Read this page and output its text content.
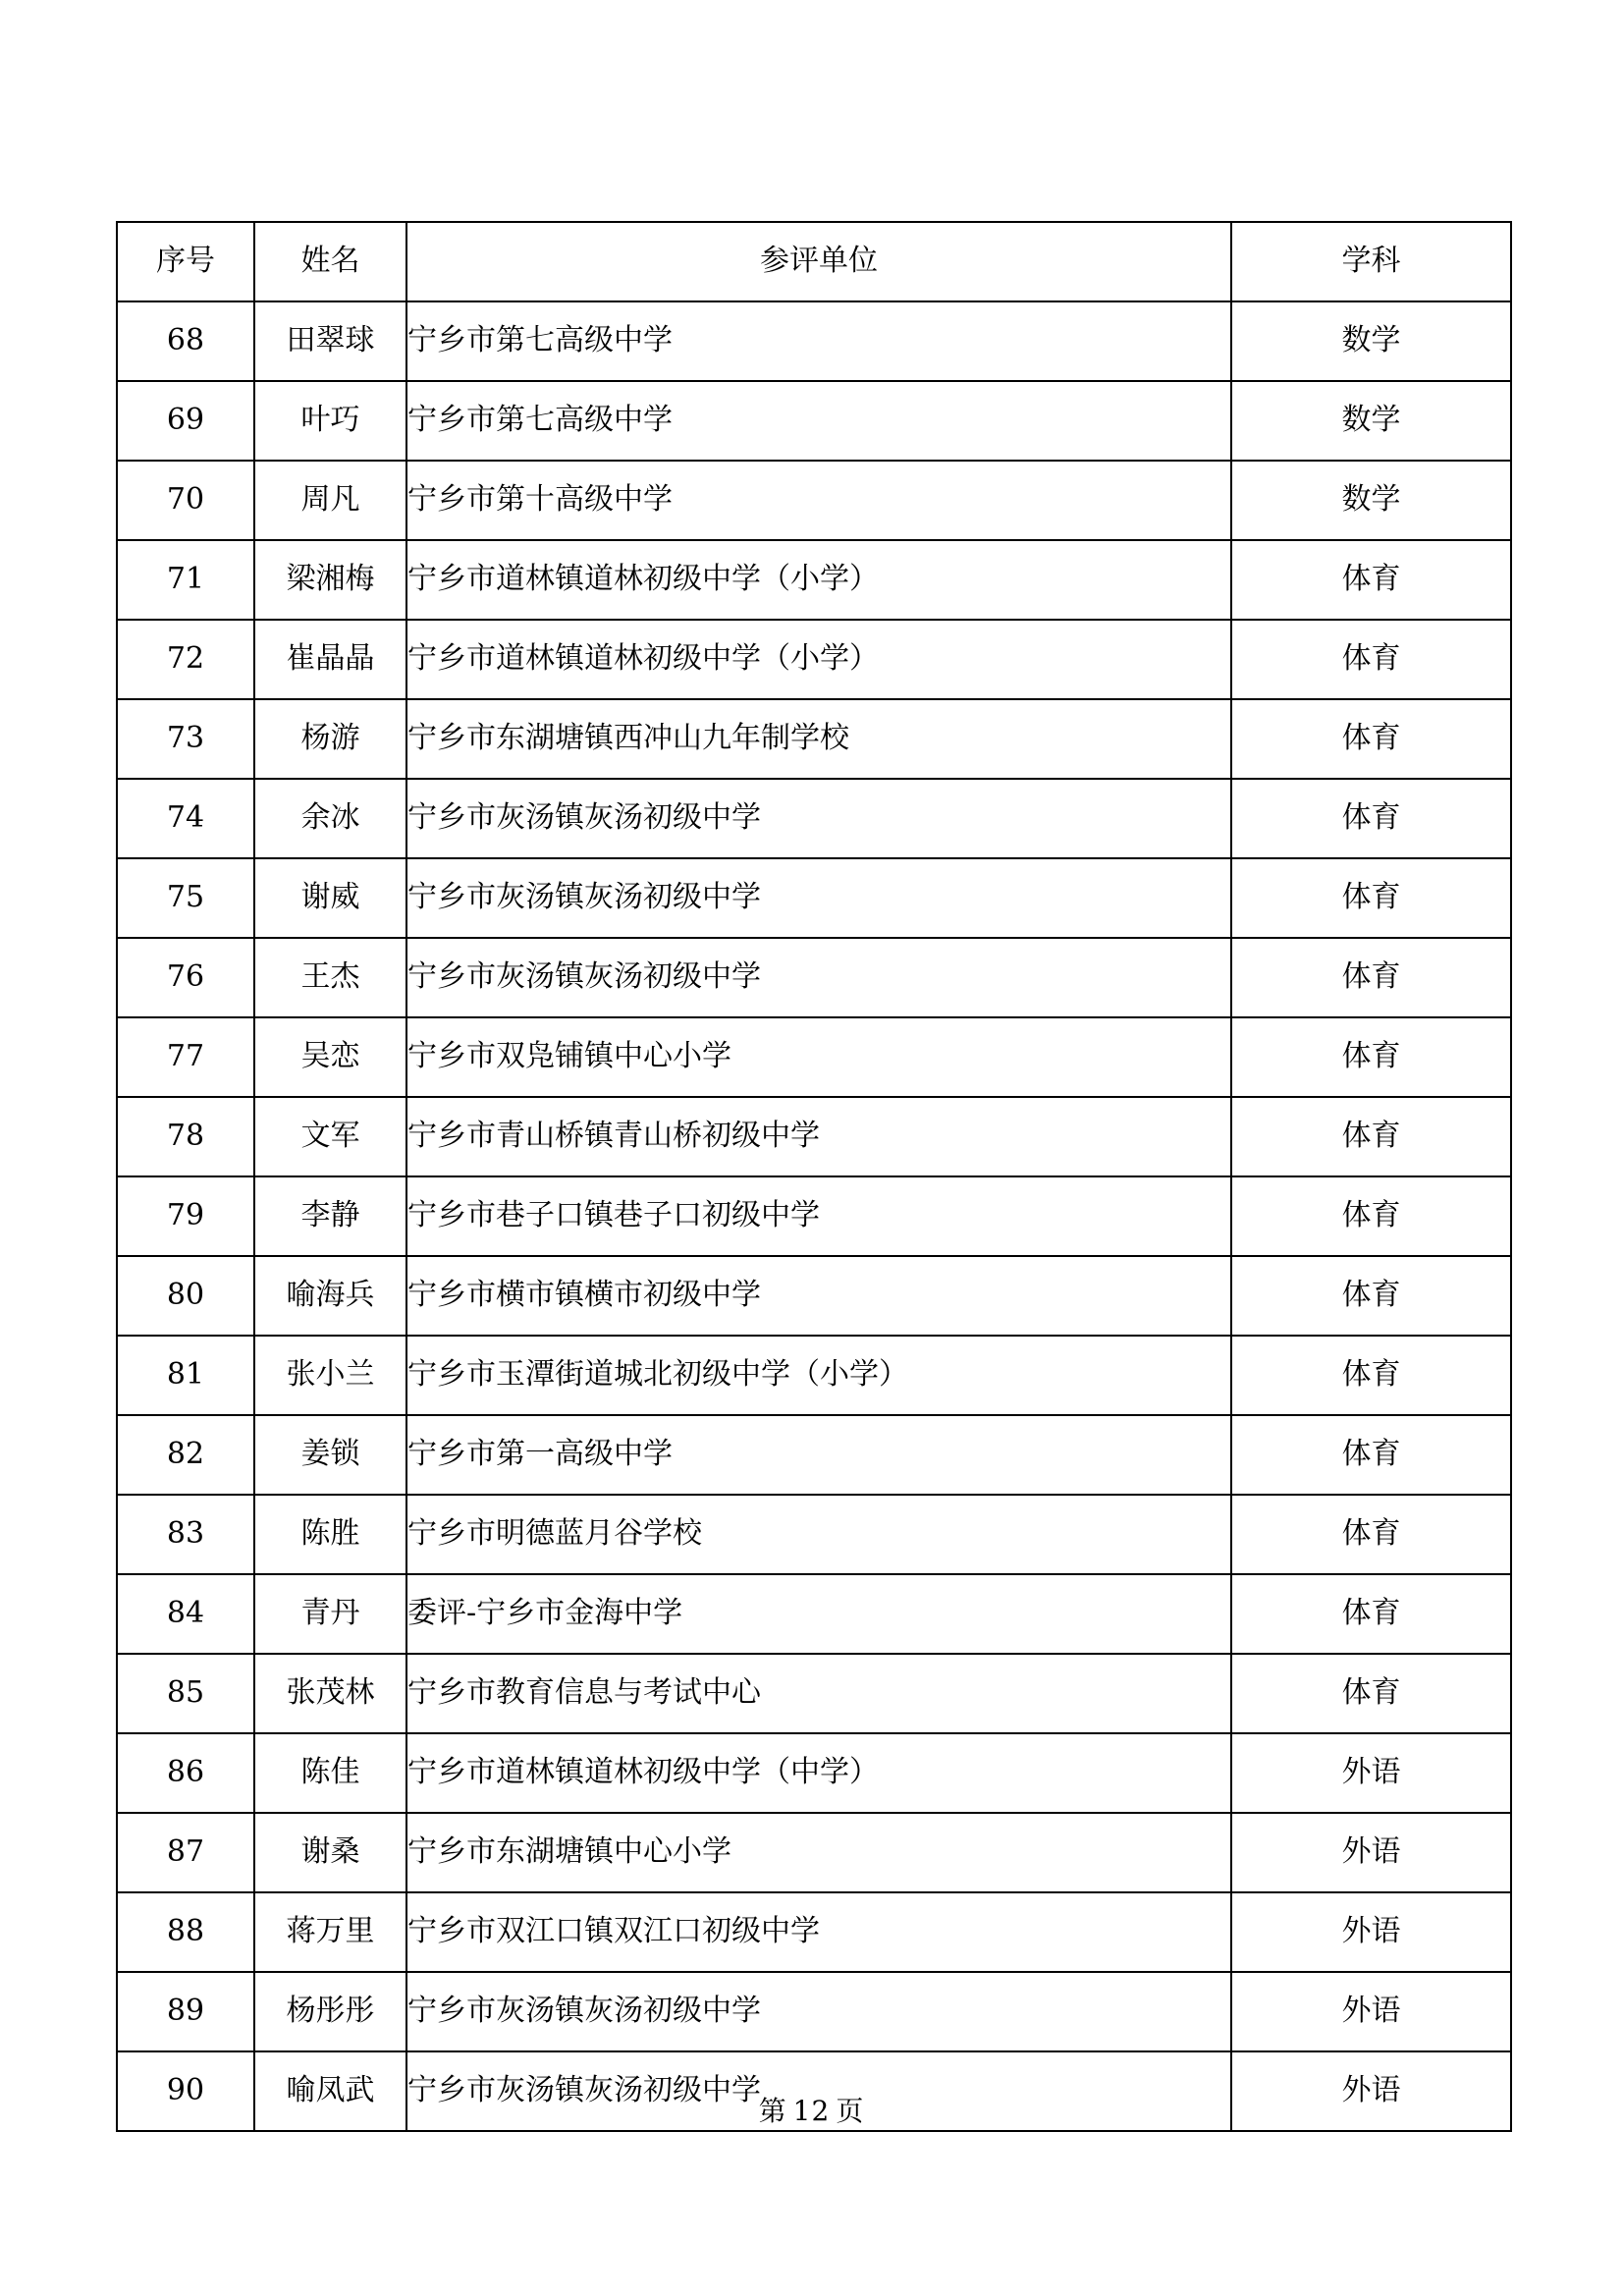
序号	姓名	参评单位	学科
68	田翠球	宁乡市第七高级中学	数学
69	叶巧	宁乡市第七高级中学	数学
70	周凡	宁乡市第十高级中学	数学
71	梁湘梅	宁乡市道林镇道林初级中学（小学）	体育
72	崔晶晶	宁乡市道林镇道林初级中学（小学）	体育
73	杨游	宁乡市东湖塘镇西冲山九年制学校	体育
74	余冰	宁乡市灰汤镇灰汤初级中学	体育
75	谢威	宁乡市灰汤镇灰汤初级中学	体育
76	王杰	宁乡市灰汤镇灰汤初级中学	体育
77	吴恋	宁乡市双凫铺镇中心小学	体育
78	文军	宁乡市青山桥镇青山桥初级中学	体育
79	李静	宁乡市巷子口镇巷子口初级中学	体育
80	喻海兵	宁乡市横市镇横市初级中学	体育
81	张小兰	宁乡市玉潭街道城北初级中学（小学）	体育
82	姜锁	宁乡市第一高级中学	体育
83	陈胜	宁乡市明德蓝月谷学校	体育
84	青丹	委评-宁乡市金海中学	体育
85	张茂林	宁乡市教育信息与考试中心	体育
86	陈佳	宁乡市道林镇道林初级中学（中学）	外语
87	谢桑	宁乡市东湖塘镇中心小学	外语
88	蒋万里	宁乡市双江口镇双江口初级中学	外语
89	杨彤彤	宁乡市灰汤镇灰汤初级中学	外语
90	喻凤武	宁乡市灰汤镇灰汤初级中学	外语
第 12 页
